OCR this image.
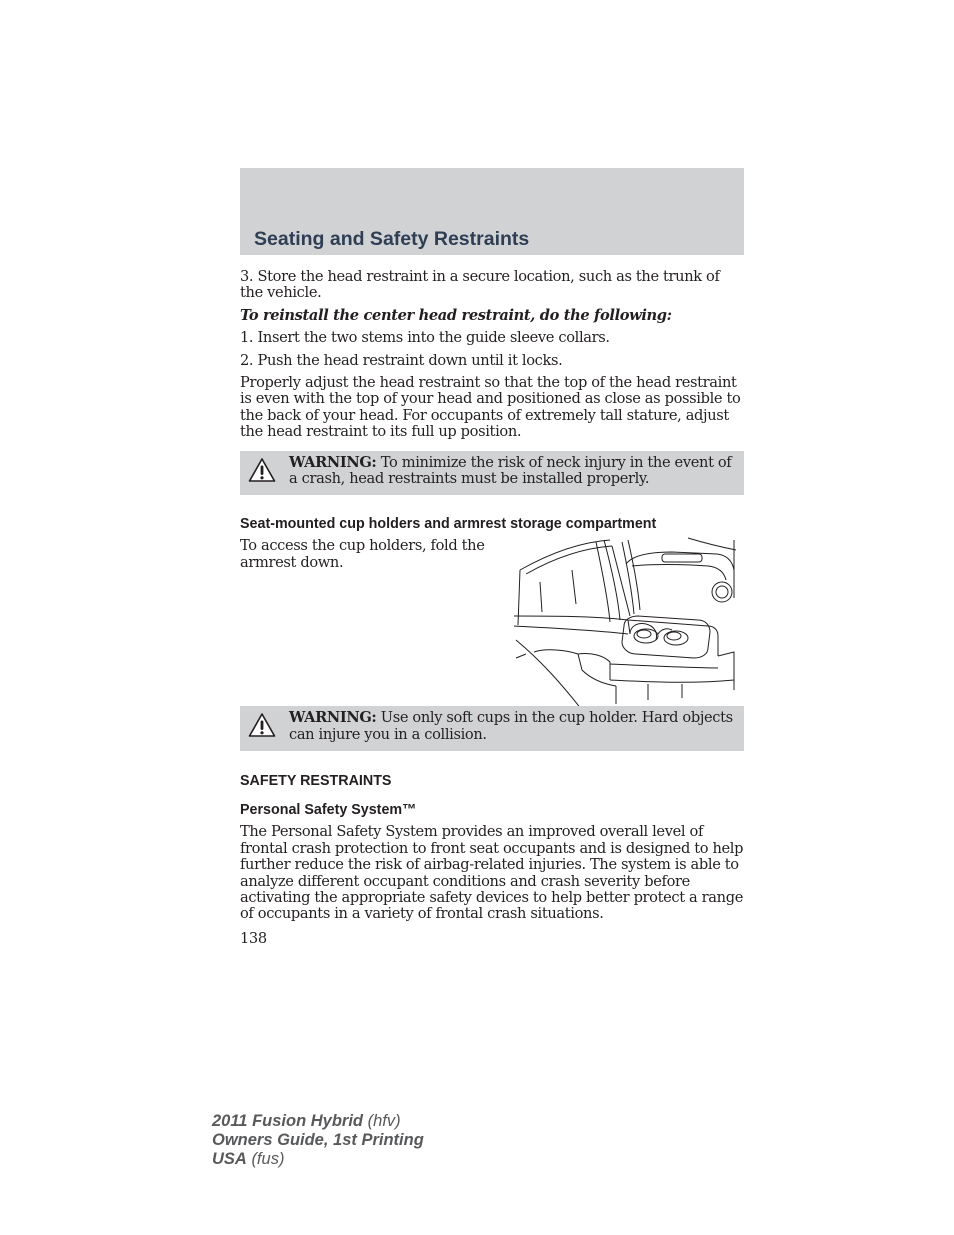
Seating and Safety Restraints

3. Store the head restraint in a secure location, such as the trunk of the vehicle.

To reinstall the center head restraint, do the following:

1. Insert the two stems into the guide sleeve collars.

2. Push the head restraint down until it locks.

Properly adjust the head restraint so that the top of the head restraint is even with the top of your head and positioned as close as possible to the back of your head. For occupants of extremely tall stature, adjust the head restraint to its full up position.

WARNING: To minimize the risk of neck injury in the event of a crash, head restraints must be installed properly.

Seat-mounted cup holders and armrest storage compartment

To access the cup holders, fold the armrest down.

WARNING: Use only soft cups in the cup holder. Hard objects can injure you in a collision.

SAFETY RESTRAINTS

Personal Safety System™

The Personal Safety System provides an improved overall level of frontal crash protection to front seat occupants and is designed to help further reduce the risk of airbag-related injuries. The system is able to analyze different occupant conditions and crash severity before activating the appropriate safety devices to help better protect a range of occupants in a variety of frontal crash situations.

138

2011 Fusion Hybrid (hfv)
Owners Guide, 1st Printing
USA (fus)
